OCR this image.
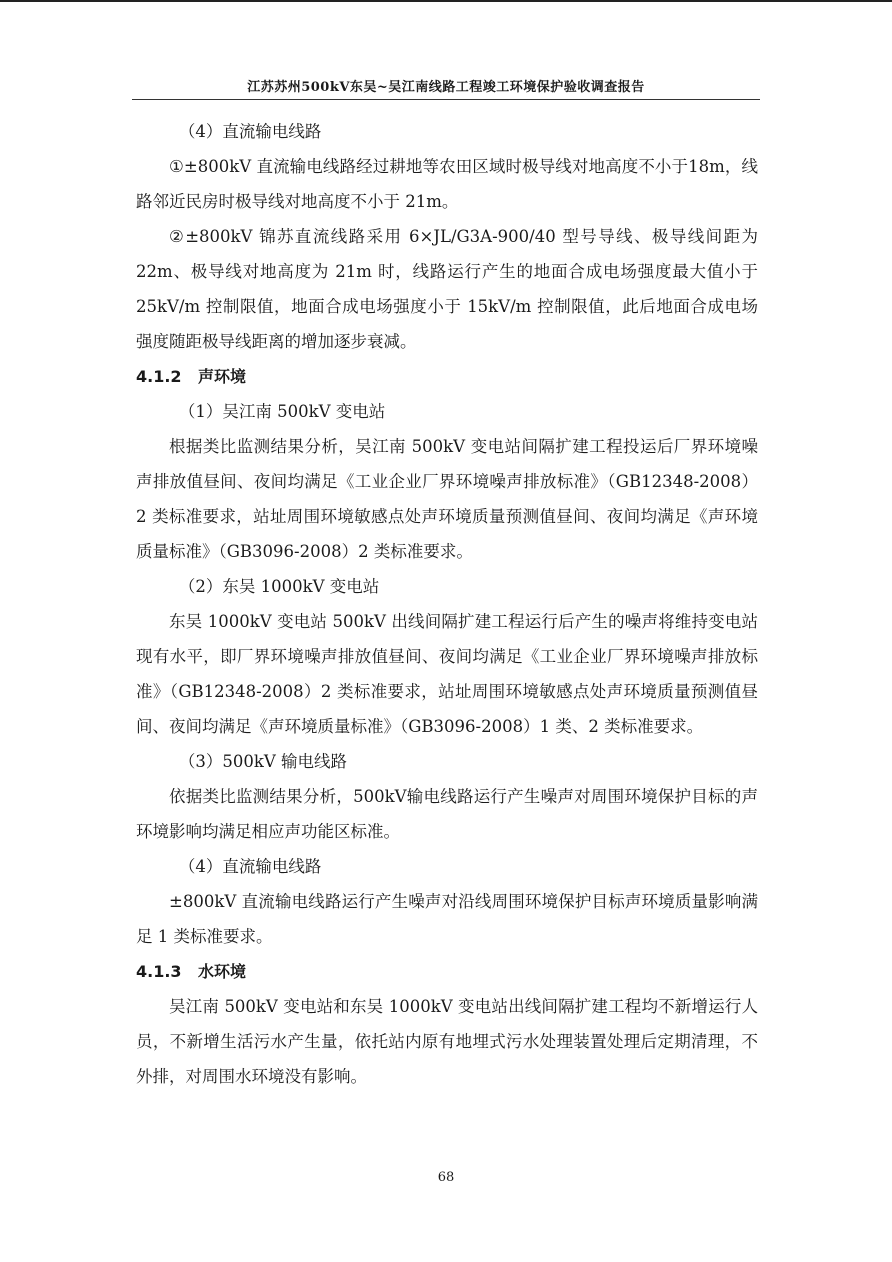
江苏苏州500kV东吴~吴江南线路工程竣工环境保护验收调查报告

（4）直流输电线路

①±800kV 直流输电线路经过耕地等农田区域时极导线对地高度不小于18m，线路邻近民房时极导线对地高度不小于 21m。

②±800kV 锦苏直流线路采用 6×JL/G3A-900/40 型号导线、极导线间距为22m、极导线对地高度为 21m 时，线路运行产生的地面合成电场强度最大值小于 25kV/m 控制限值，地面合成电场强度小于 15kV/m 控制限值，此后地面合成电场强度随距极导线距离的增加逐步衰减。

4.1.2 声环境

（1）吴江南 500kV 变电站

根据类比监测结果分析，吴江南 500kV 变电站间隔扩建工程投运后厂界环境噪声排放值昼间、夜间均满足《工业企业厂界环境噪声排放标准》（GB12348-2008）2 类标准要求，站址周围环境敏感点处声环境质量预测值昼间、夜间均满足《声环境质量标准》（GB3096-2008）2 类标准要求。

（2）东吴 1000kV 变电站

东吴 1000kV 变电站 500kV 出线间隔扩建工程运行后产生的噪声将维持变电站现有水平，即厂界环境噪声排放值昼间、夜间均满足《工业企业厂界环境噪声排放标准》（GB12348-2008）2 类标准要求，站址周围环境敏感点处声环境质量预测值昼间、夜间均满足《声环境质量标准》（GB3096-2008）1 类、2 类标准要求。

（3）500kV 输电线路

依据类比监测结果分析，500kV输电线路运行产生噪声对周围环境保护目标的声环境影响均满足相应声功能区标准。

（4）直流输电线路

±800kV 直流输电线路运行产生噪声对沿线周围环境保护目标声环境质量影响满足 1 类标准要求。

4.1.3 水环境

吴江南 500kV 变电站和东吴 1000kV 变电站出线间隔扩建工程均不新增运行人员，不新增生活污水产生量，依托站内原有地埋式污水处理装置处理后定期清理，不外排，对周围水环境没有影响。

68
